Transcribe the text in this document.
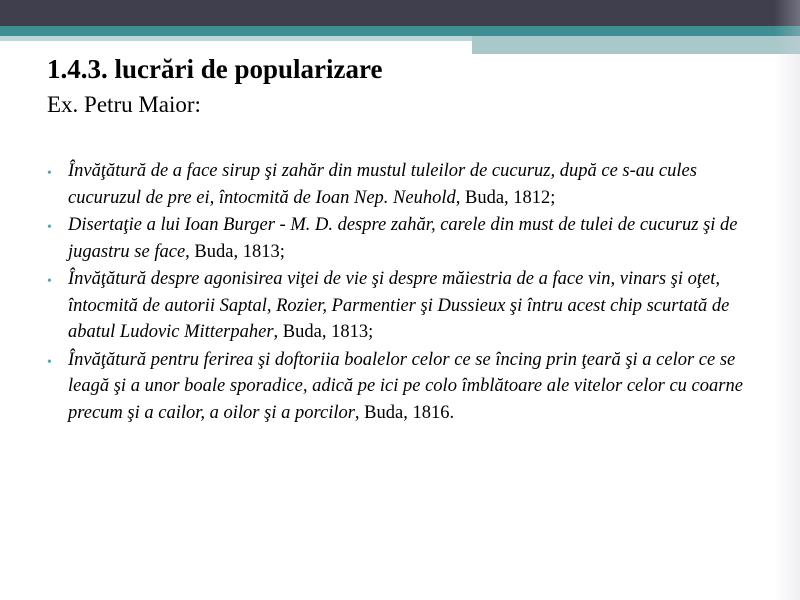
1.4.3. lucrări de popularizare
Ex. Petru Maior:
• Învăţătură de a face sirup şi zahăr din mustul tuleilor de cucuruz, după ce s-au cules cucuruzul de pre ei, întocmită de Ioan Nep. Neuhold, Buda, 1812;
• Disertaţie a lui Ioan Burger - M. D. despre zahăr, carele din must de tulei de cucuruz şi de jugastru se face, Buda, 1813;
• Învăţătură despre agonisirea viţei de vie şi despre măiestria de a face vin, vinars şi oţet, întocmită de autorii Saptal, Rozier, Parmentier şi Dussieux şi întru acest chip scurtată de abatul Ludovic Mitterpaher, Buda, 1813;
• Învăţătură pentru ferirea şi doftoriia boalelor celor ce se încing prin ţeară şi a celor ce se leagă şi a unor boale sporadice, adică pe ici pe colo îmblătoare ale vitelor celor cu coarne precum şi a cailor, a oilor şi a porcilor, Buda, 1816.
